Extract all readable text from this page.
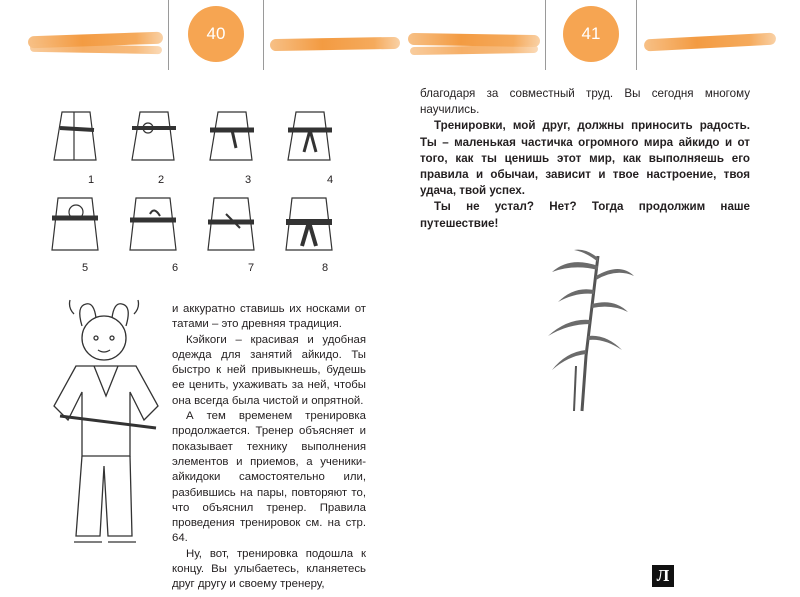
40	41
1	2	3	4
5	6	7	8

и аккуратно ставишь их носками от татами – это древняя традиция.

Кэйкоги – красивая и удобная одежда для занятий айкидо. Ты быстро к ней привыкнешь, будешь ее ценить, ухаживать за ней, чтобы она всегда была чистой и опрятной.

А тем временем тренировка продолжается. Тренер объясняет и показывает технику выполнения элементов и приемов, а ученики-айкидоки самостоятельно или, разбившись на пары, повторяют то, что объяснил тренер. Правила проведения тренировок см. на стр. 64.

Ну, вот, тренировка подошла к концу. Вы улыбаетесь, кланяетесь друг другу и своему тренеру,

благодаря за совместный труд. Вы сегодня многому научились.

Тренировки, мой друг, должны приносить радость. Ты – маленькая частичка огромного мира айкидо и от того, как ты ценишь этот мир, как выполняешь его правила и обычаи, зависит и твое настроение, твоя удача, твой успех.

Ты не устал? Нет? Тогда продолжим наше путешествие!

Л
